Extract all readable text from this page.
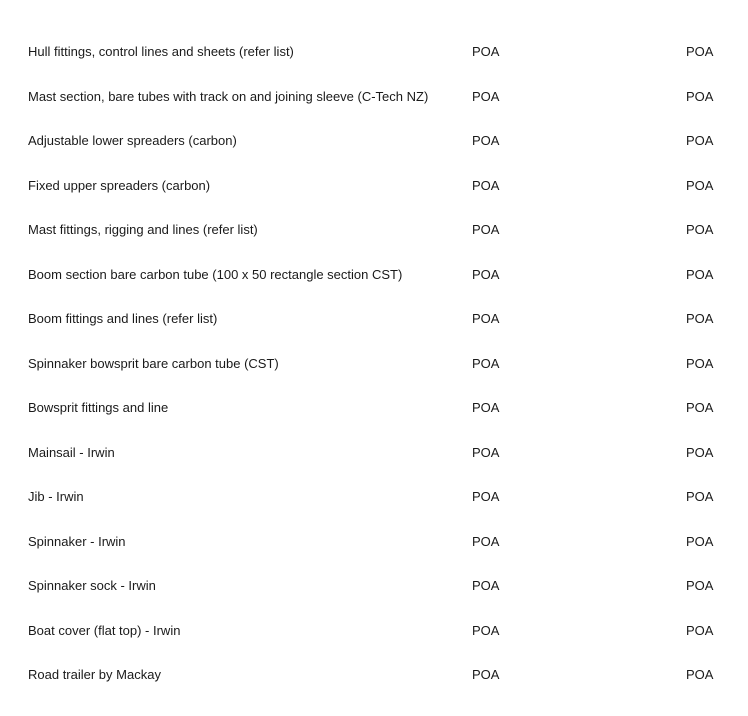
Hull fittings, control lines and sheets (refer list)	POA	POA
Mast section, bare tubes with track on and joining sleeve (C-Tech NZ)	POA	POA
Adjustable lower spreaders (carbon)	POA	POA
Fixed upper spreaders (carbon)	POA	POA
Mast fittings, rigging and lines (refer list)	POA	POA
Boom section bare carbon tube (100 x 50 rectangle section CST)	POA	POA
Boom fittings and lines (refer list)	POA	POA
Spinnaker bowsprit bare carbon tube (CST)	POA	POA
Bowsprit fittings and line	POA	POA
Mainsail - Irwin	POA	POA
Jib - Irwin	POA	POA
Spinnaker - Irwin	POA	POA
Spinnaker sock - Irwin	POA	POA
Boat cover (flat top) - Irwin	POA	POA
Road trailer by Mackay	POA	POA
